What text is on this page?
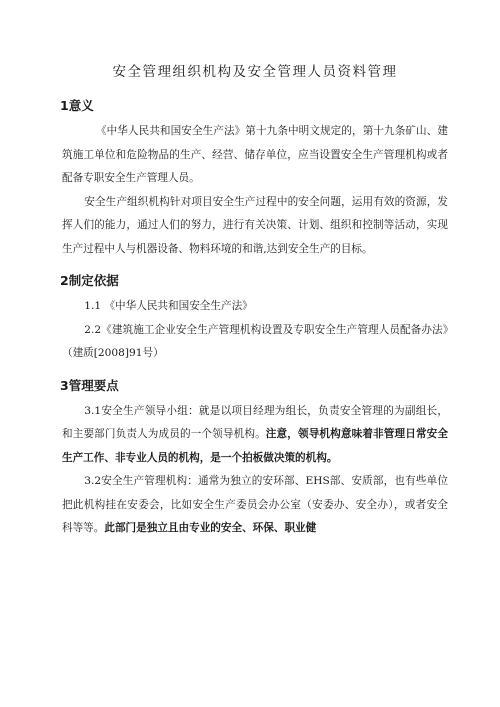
安全管理组织机构及安全管理人员资料管理
1意义

《中华人民共和国安全生产法》第十九条中明文规定的，第十九条矿山、建筑施工单位和危险物品的生产、经营、储存单位，应当设置安全生产管理机构或者配备专职安全生产管理人员。

安全生产组织机构针对项目安全生产过程中的安全问题，运用有效的资源，发挥人们的能力，通过人们的努力，进行有关决策、计划、组织和控制等活动，实现生产过程中人与机器设备、物料环境的和谐,达到安全生产的目标。

2制定依据

1.1 《中华人民共和国安全生产法》

2.2《建筑施工企业安全生产管理机构设置及专职安全生产管理人员配备办法》（建质[2008]91号）

3管理要点

3.1安全生产领导小组：就是以项目经理为组长，负责安全管理的为副组长，和主要部门负责人为成员的一个领导机构。注意，领导机构意味着非管理日常安全生产工作、非专业人员的机构，是一个拍板做决策的机构。

3.2安全生产管理机构：通常为独立的安环部、EHS部、安质部，也有些单位把此机构挂在安委会，比如安全生产委员会办公室（安委办、安全办），或者安全科等等。此部门是独立且由专业的安全、环保、职业健
